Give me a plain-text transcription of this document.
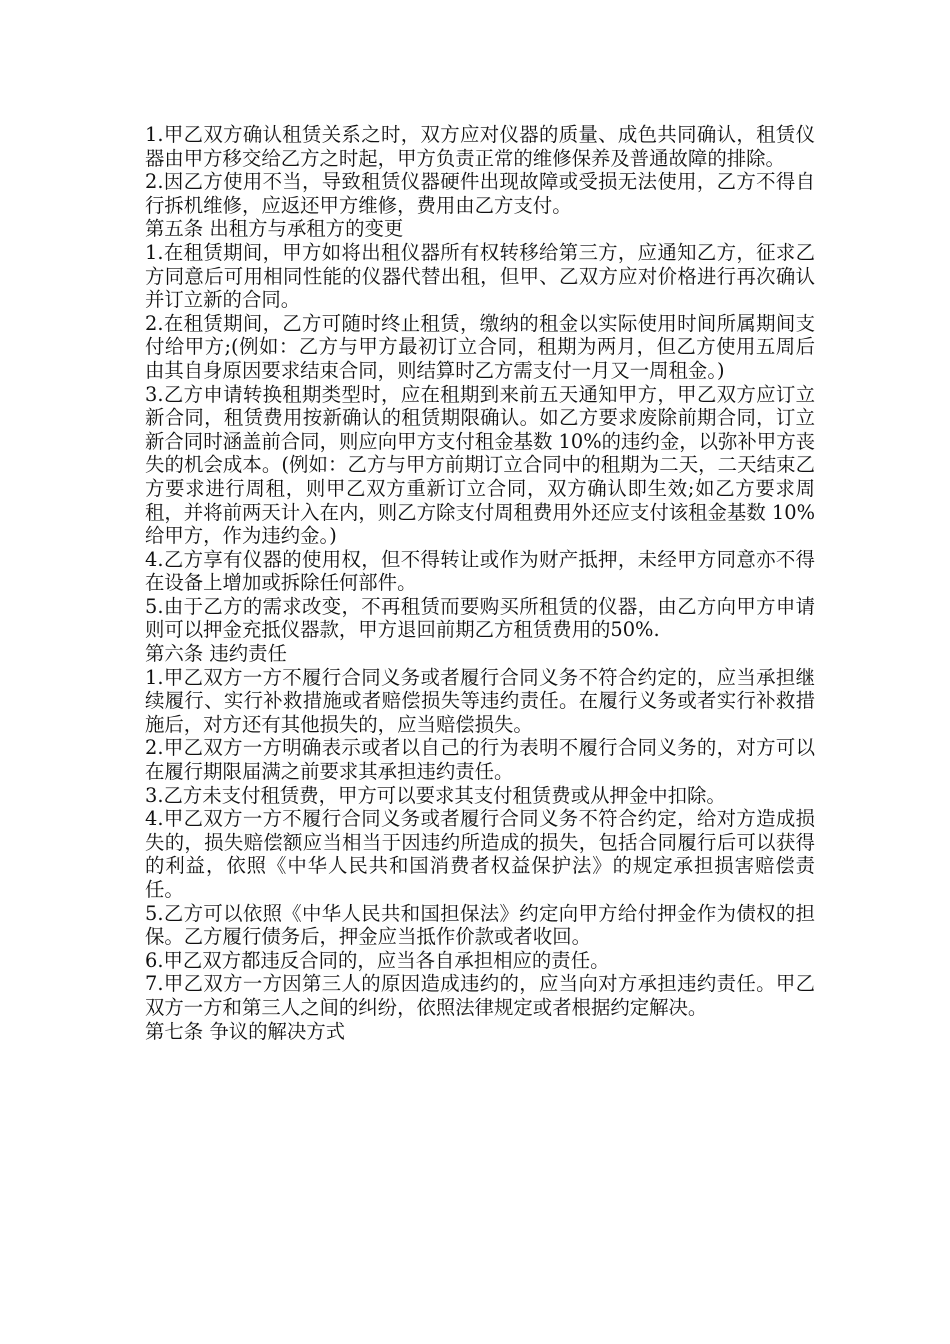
1.甲乙双方确认租赁关系之时，双方应对仪器的质量、成色共同确认，租赁仪器由甲方移交给乙方之时起，甲方负责正常的维修保养及普通故障的排除。

2.因乙方使用不当，导致租赁仪器硬件出现故障或受损无法使用，乙方不得自行拆机维修，应返还甲方维修，费用由乙方支付。

第五条 出租方与承租方的变更

1.在租赁期间，甲方如将出租仪器所有权转移给第三方，应通知乙方，征求乙方同意后可用相同性能的仪器代替出租，但甲、乙双方应对价格进行再次确认并订立新的合同。

2.在租赁期间，乙方可随时终止租赁，缴纳的租金以实际使用时间所属期间支付给甲方;(例如：乙方与甲方最初订立合同，租期为两月，但乙方使用五周后由其自身原因要求结束合同，则结算时乙方需支付一月又一周租金。)

3.乙方申请转换租期类型时，应在租期到来前五天通知甲方，甲乙双方应订立新合同，租赁费用按新确认的租赁期限确认。如乙方要求废除前期合同，订立新合同时涵盖前合同，则应向甲方支付租金基数 10%的违约金，以弥补甲方丧失的机会成本。(例如：乙方与甲方前期订立合同中的租期为二天，二天结束乙方要求进行周租，则甲乙双方重新订立合同，双方确认即生效;如乙方要求周租，并将前两天计入在内，则乙方除支付周租费用外还应支付该租金基数 10%给甲方，作为违约金。)

4.乙方享有仪器的使用权，但不得转让或作为财产抵押，未经甲方同意亦不得在设备上增加或拆除任何部件。

5.由于乙方的需求改变，不再租赁而要购买所租赁的仪器，由乙方向甲方申请则可以押金充抵仪器款，甲方退回前期乙方租赁费用的50%.

第六条 违约责任

1.甲乙双方一方不履行合同义务或者履行合同义务不符合约定的，应当承担继续履行、实行补救措施或者赔偿损失等违约责任。在履行义务或者实行补救措施后，对方还有其他损失的，应当赔偿损失。

2.甲乙双方一方明确表示或者以自己的行为表明不履行合同义务的，对方可以在履行期限届满之前要求其承担违约责任。

3.乙方未支付租赁费，甲方可以要求其支付租赁费或从押金中扣除。

4.甲乙双方一方不履行合同义务或者履行合同义务不符合约定，给对方造成损失的，损失赔偿额应当相当于因违约所造成的损失，包括合同履行后可以获得的利益，依照《中华人民共和国消费者权益保护法》的规定承担损害赔偿责任。

5.乙方可以依照《中华人民共和国担保法》约定向甲方给付押金作为债权的担保。乙方履行债务后，押金应当抵作价款或者收回。

6.甲乙双方都违反合同的，应当各自承担相应的责任。

7.甲乙双方一方因第三人的原因造成违约的，应当向对方承担违约责任。甲乙双方一方和第三人之间的纠纷，依照法律规定或者根据约定解决。

第七条 争议的解决方式
